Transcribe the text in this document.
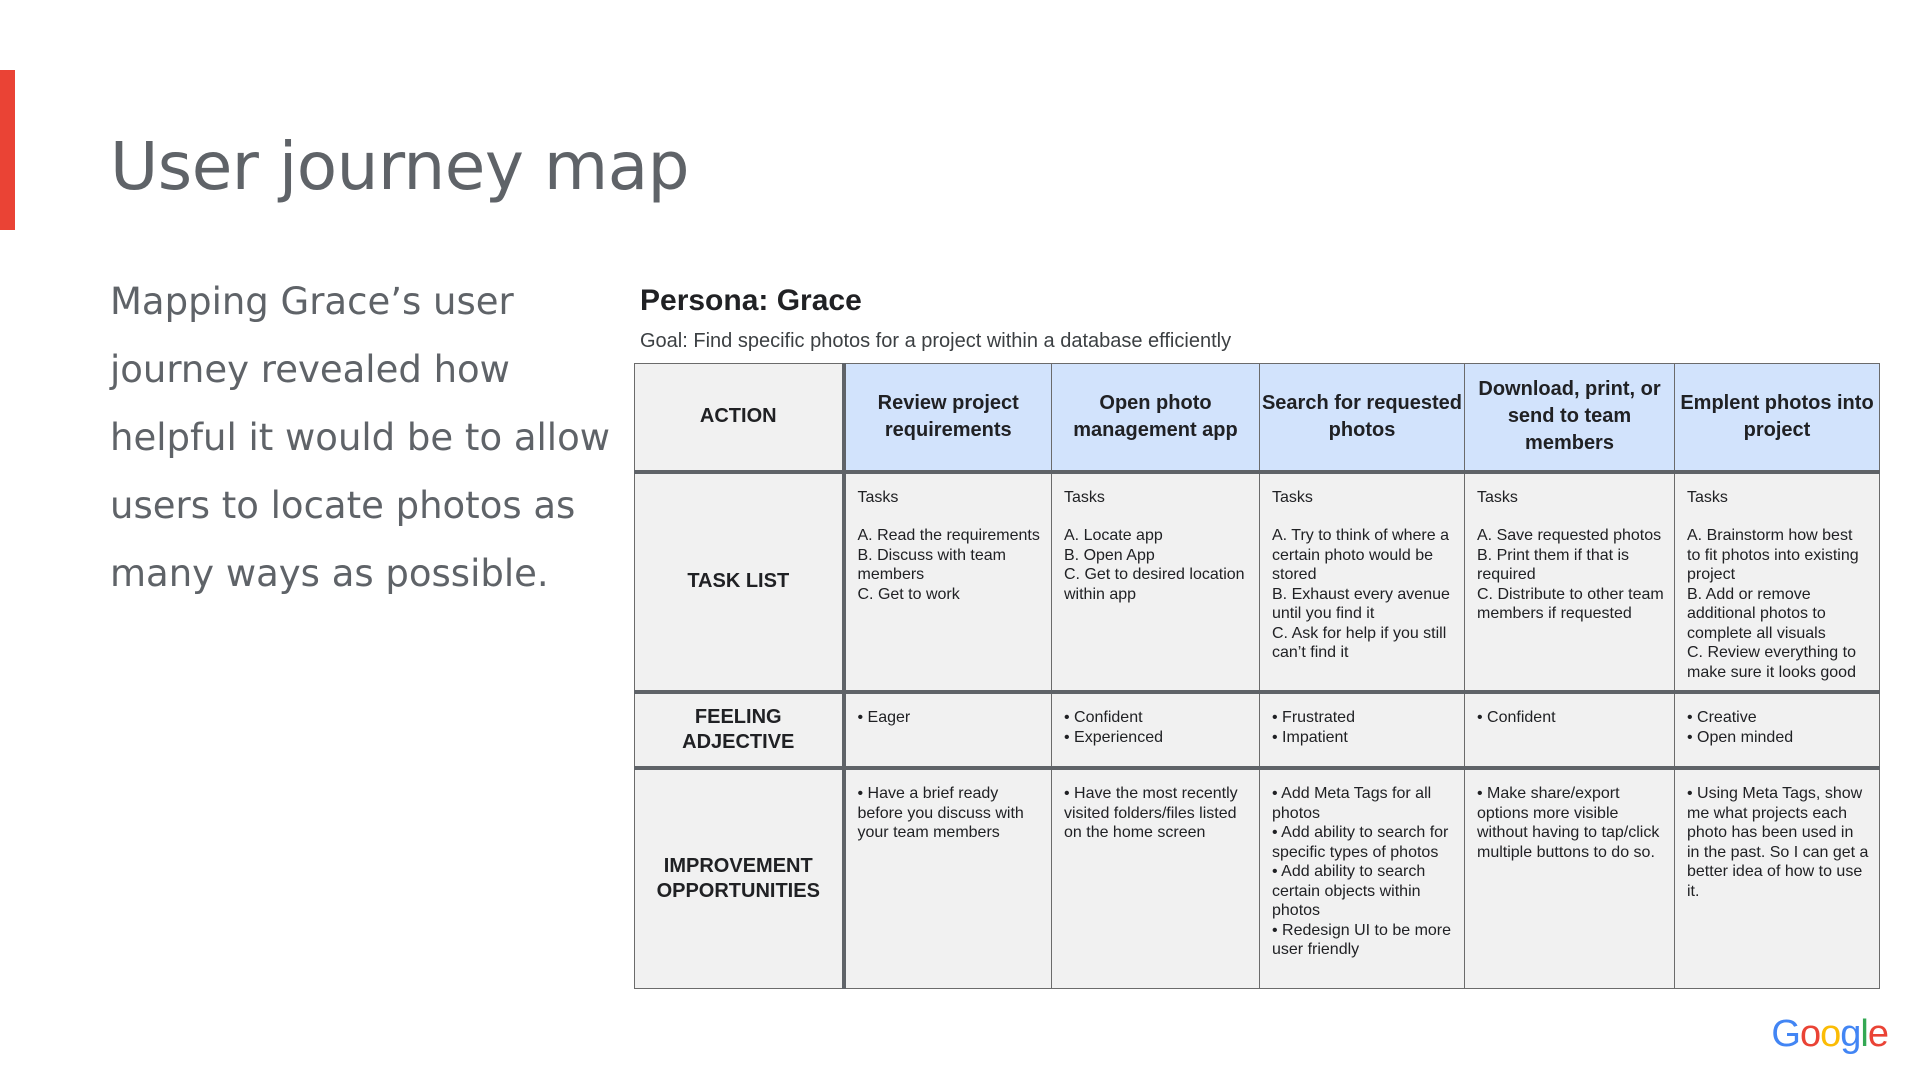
User journey map

Mapping Grace’s user journey revealed how helpful it would be to allow users to locate photos as many ways as possible.

Persona: Grace
Goal: Find specific photos for a project within a database efficiently
ACTION	Review project requirements	Open photo management app	Search for requested photos	Download, print, or send to team members	Emplent photos into project
TASK LIST	Tasks
A. Read the requirements
B. Discuss with team members
C. Get to work	Tasks
A. Locate app
B. Open App
C. Get to desired location within app	Tasks
A. Try to think of where a certain photo would be stored
B. Exhaust every avenue until you find it
C. Ask for help if you still can’t find it	Tasks
A. Save requested photos
B. Print them if that is required
C. Distribute to other team members if requested	Tasks
A. Brainstorm how best to fit photos into existing project
B. Add or remove additional photos to complete all visuals
C. Review everything to make sure it looks good

FEELING ADJECTIVE	• Eager	• Confident
• Experienced	• Frustrated
• Impatient	• Confident	• Creative
• Open minded

IMPROVEMENT OPPORTUNITIES	• Have a brief ready before you discuss with your team members	• Have the most recently visited folders/files listed on the home screen	• Add Meta Tags for all photos
• Add ability to search for specific types of photos
• Add ability to search certain objects within photos
• Redesign UI to be more user friendly	• Make share/export options more visible without having to tap/click multiple buttons to do so.	• Using Meta Tags, show me what projects each photo has been used in in the past. So I can get a better idea of how to use it.
Google
